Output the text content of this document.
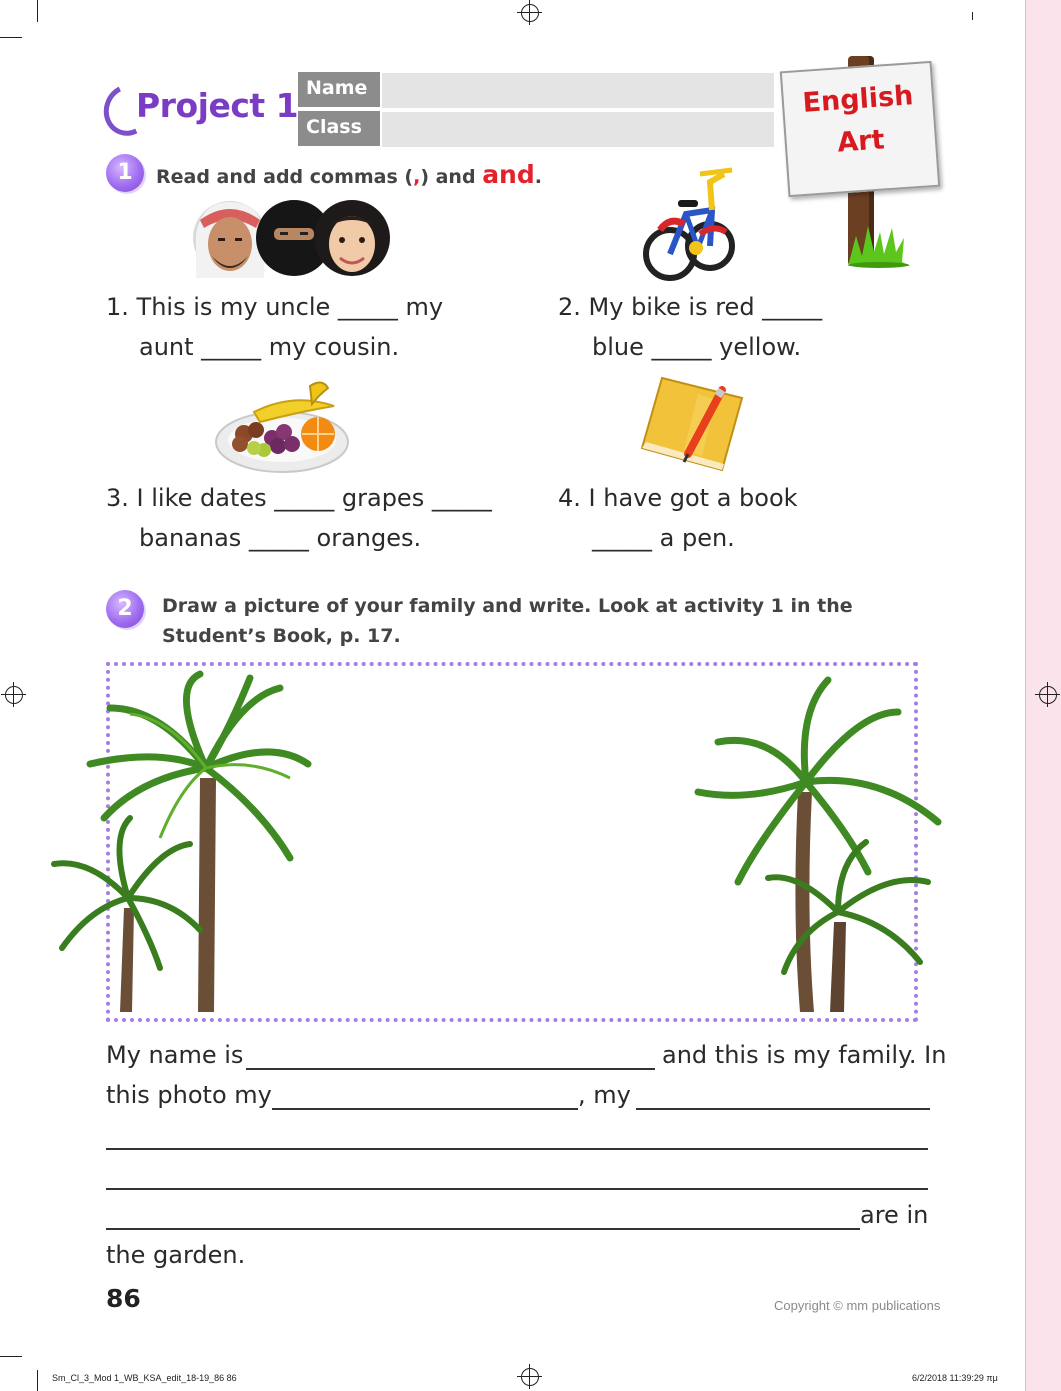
Sm_Cl_3_Mod 1_WB_KSA_edit_18-19_86 86	6/2/2018 11:39:29 πμ
Project 1 Name
Class
English
Art
1	Read and add commas (,) and and.
1. This is my uncle _____ my
aunt _____ my cousin.
2. My bike is red _____
blue _____ yellow.
3. I like dates _____ grapes _____
bananas _____ oranges.
4. I have got a book
_____ a pen.
2	Draw a picture of your family and write. Look at activity 1 in the
Student’s Book, p. 17.
My name is	and this is my family. In
this photo my	, my
are in
the garden.
86	Copyright © mm publications
